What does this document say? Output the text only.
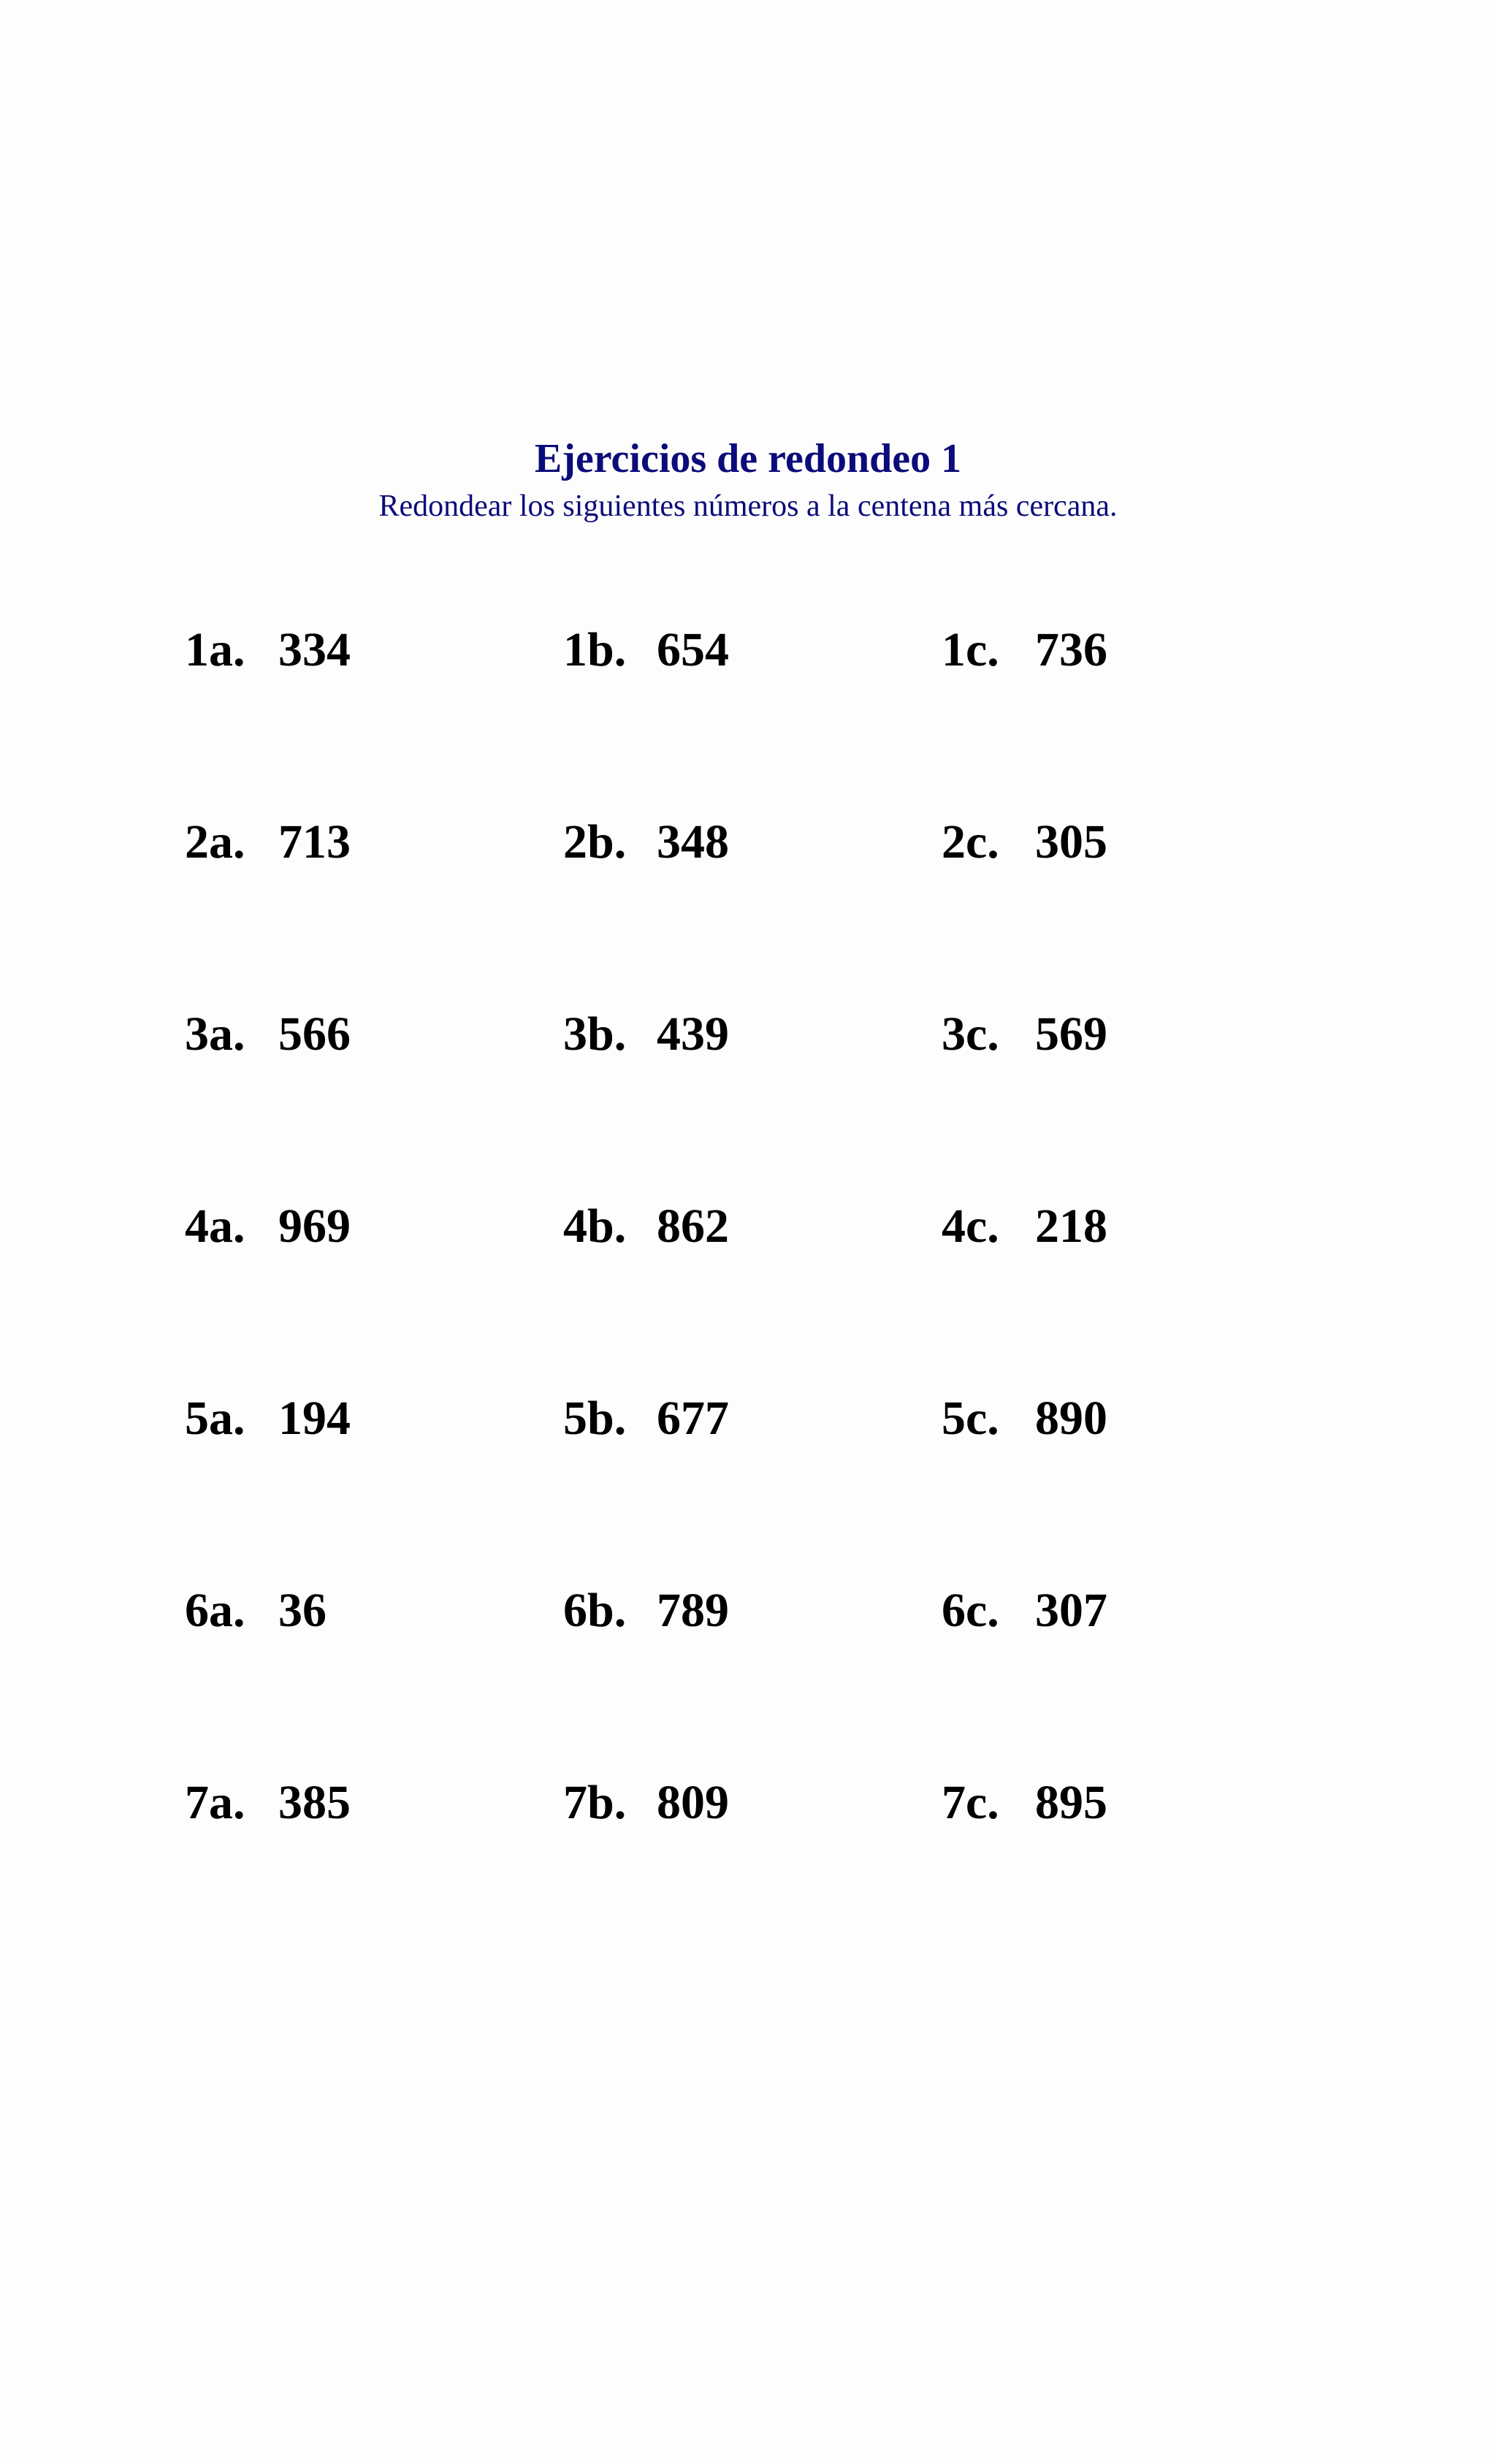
Ejercicios de redondeo 1
Redondear los siguientes números a la centena más cercana.
1a. 334	1b. 654	1c. 736
2a. 713	2b. 348	2c. 305
3a. 566	3b. 439	3c. 569
4a. 969	4b. 862	4c. 218
5a. 194	5b. 677	5c. 890
6a. 36	6b. 789	6c. 307
7a. 385	7b. 809	7c. 895
